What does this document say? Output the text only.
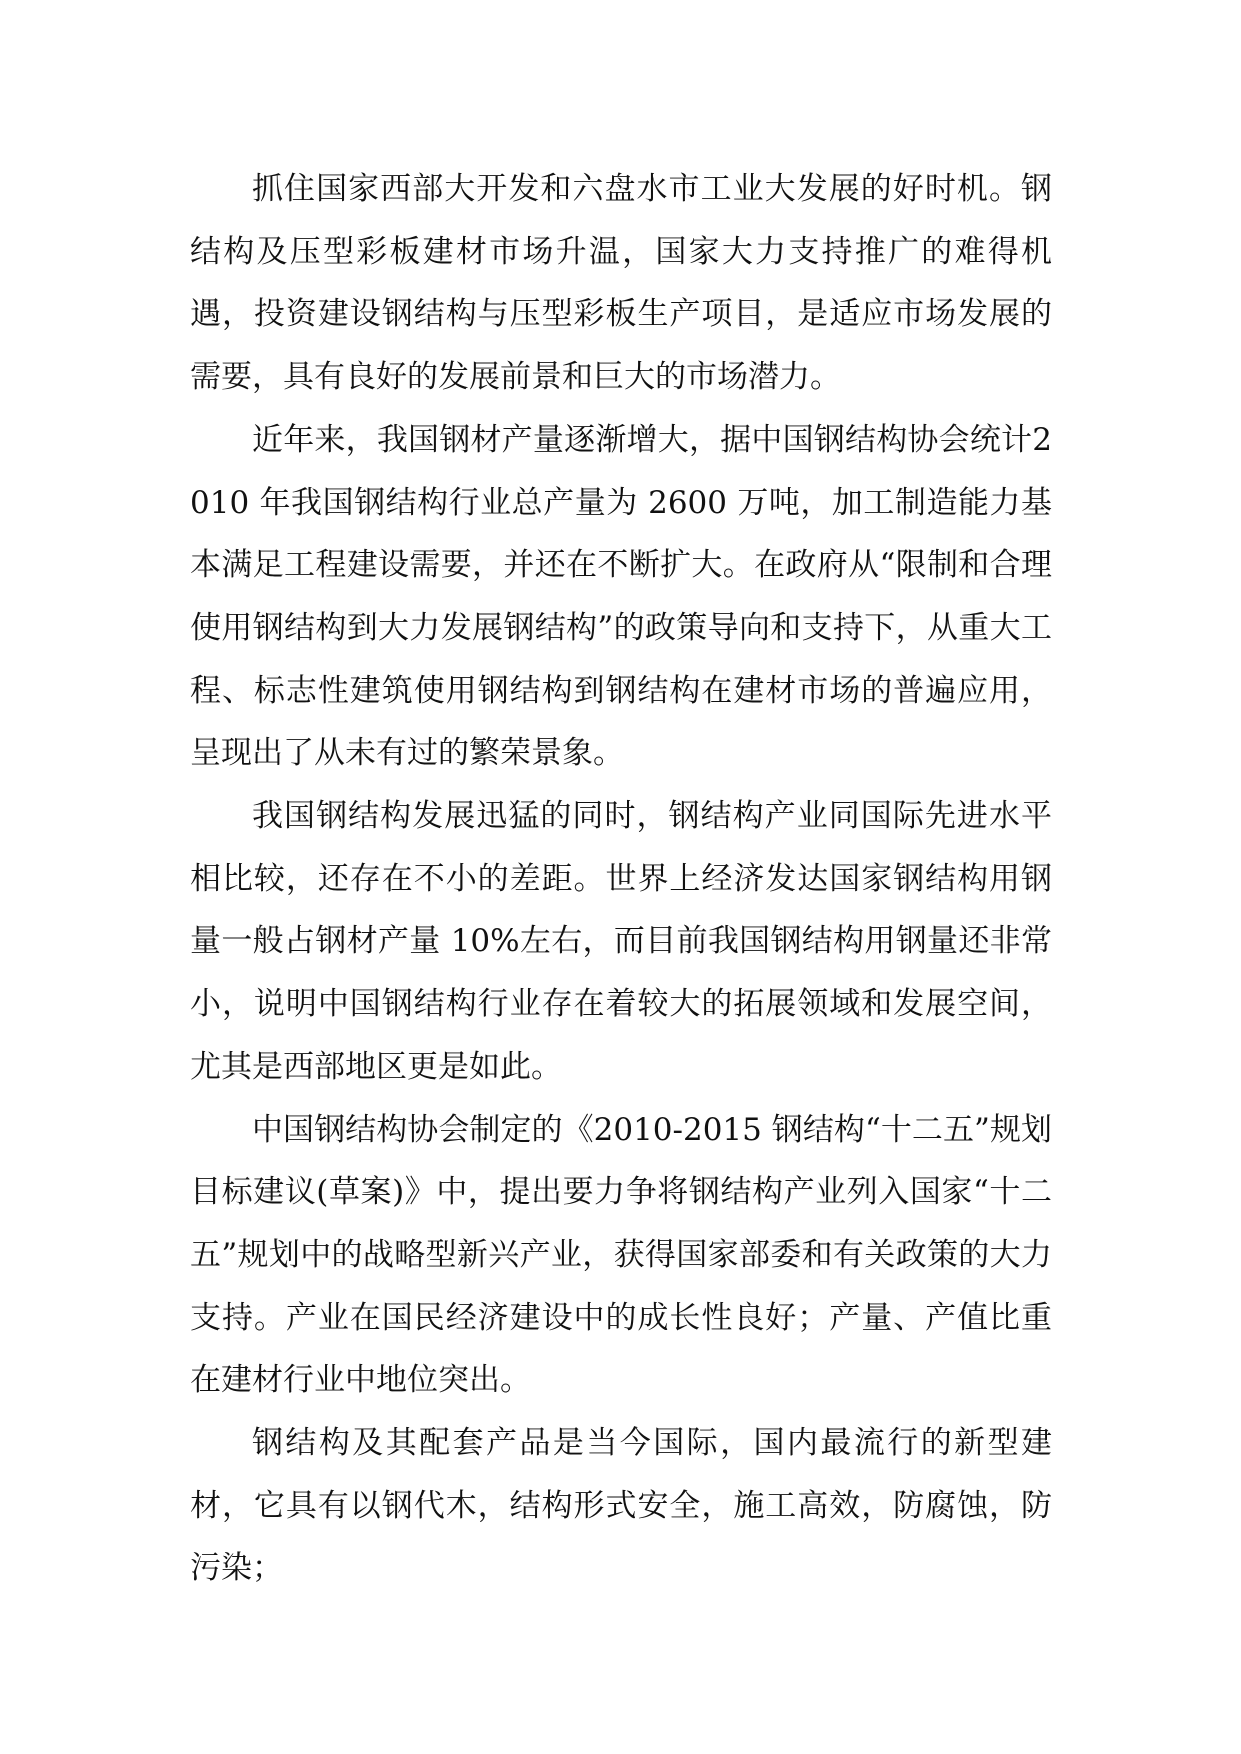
抓住国家西部大开发和六盘水市工业大发展的好时机。钢结构及压型彩板建材市场升温，国家大力支持推广的难得机遇，投资建设钢结构与压型彩板生产项目，是适应市场发展的需要，具有良好的发展前景和巨大的市场潜力。

近年来，我国钢材产量逐渐增大，据中国钢结构协会统计2010 年我国钢结构行业总产量为 2600 万吨，加工制造能力基本满足工程建设需要，并还在不断扩大。在政府从“限制和合理使用钢结构到大力发展钢结构”的政策导向和支持下，从重大工程、标志性建筑使用钢结构到钢结构在建材市场的普遍应用，呈现出了从未有过的繁荣景象。

我国钢结构发展迅猛的同时，钢结构产业同国际先进水平相比较，还存在不小的差距。世界上经济发达国家钢结构用钢量一般占钢材产量 10%左右，而目前我国钢结构用钢量还非常小，说明中国钢结构行业存在着较大的拓展领域和发展空间，尤其是西部地区更是如此。

中国钢结构协会制定的《2010-2015 钢结构“十二五”规划目标建议(草案)》中，提出要力争将钢结构产业列入国家“十二五”规划中的战略型新兴产业，获得国家部委和有关政策的大力支持。产业在国民经济建设中的成长性良好；产量、产值比重在建材行业中地位突出。

钢结构及其配套产品是当今国际，国内最流行的新型建材，它具有以钢代木，结构形式安全，施工高效，防腐蚀，防污染；
